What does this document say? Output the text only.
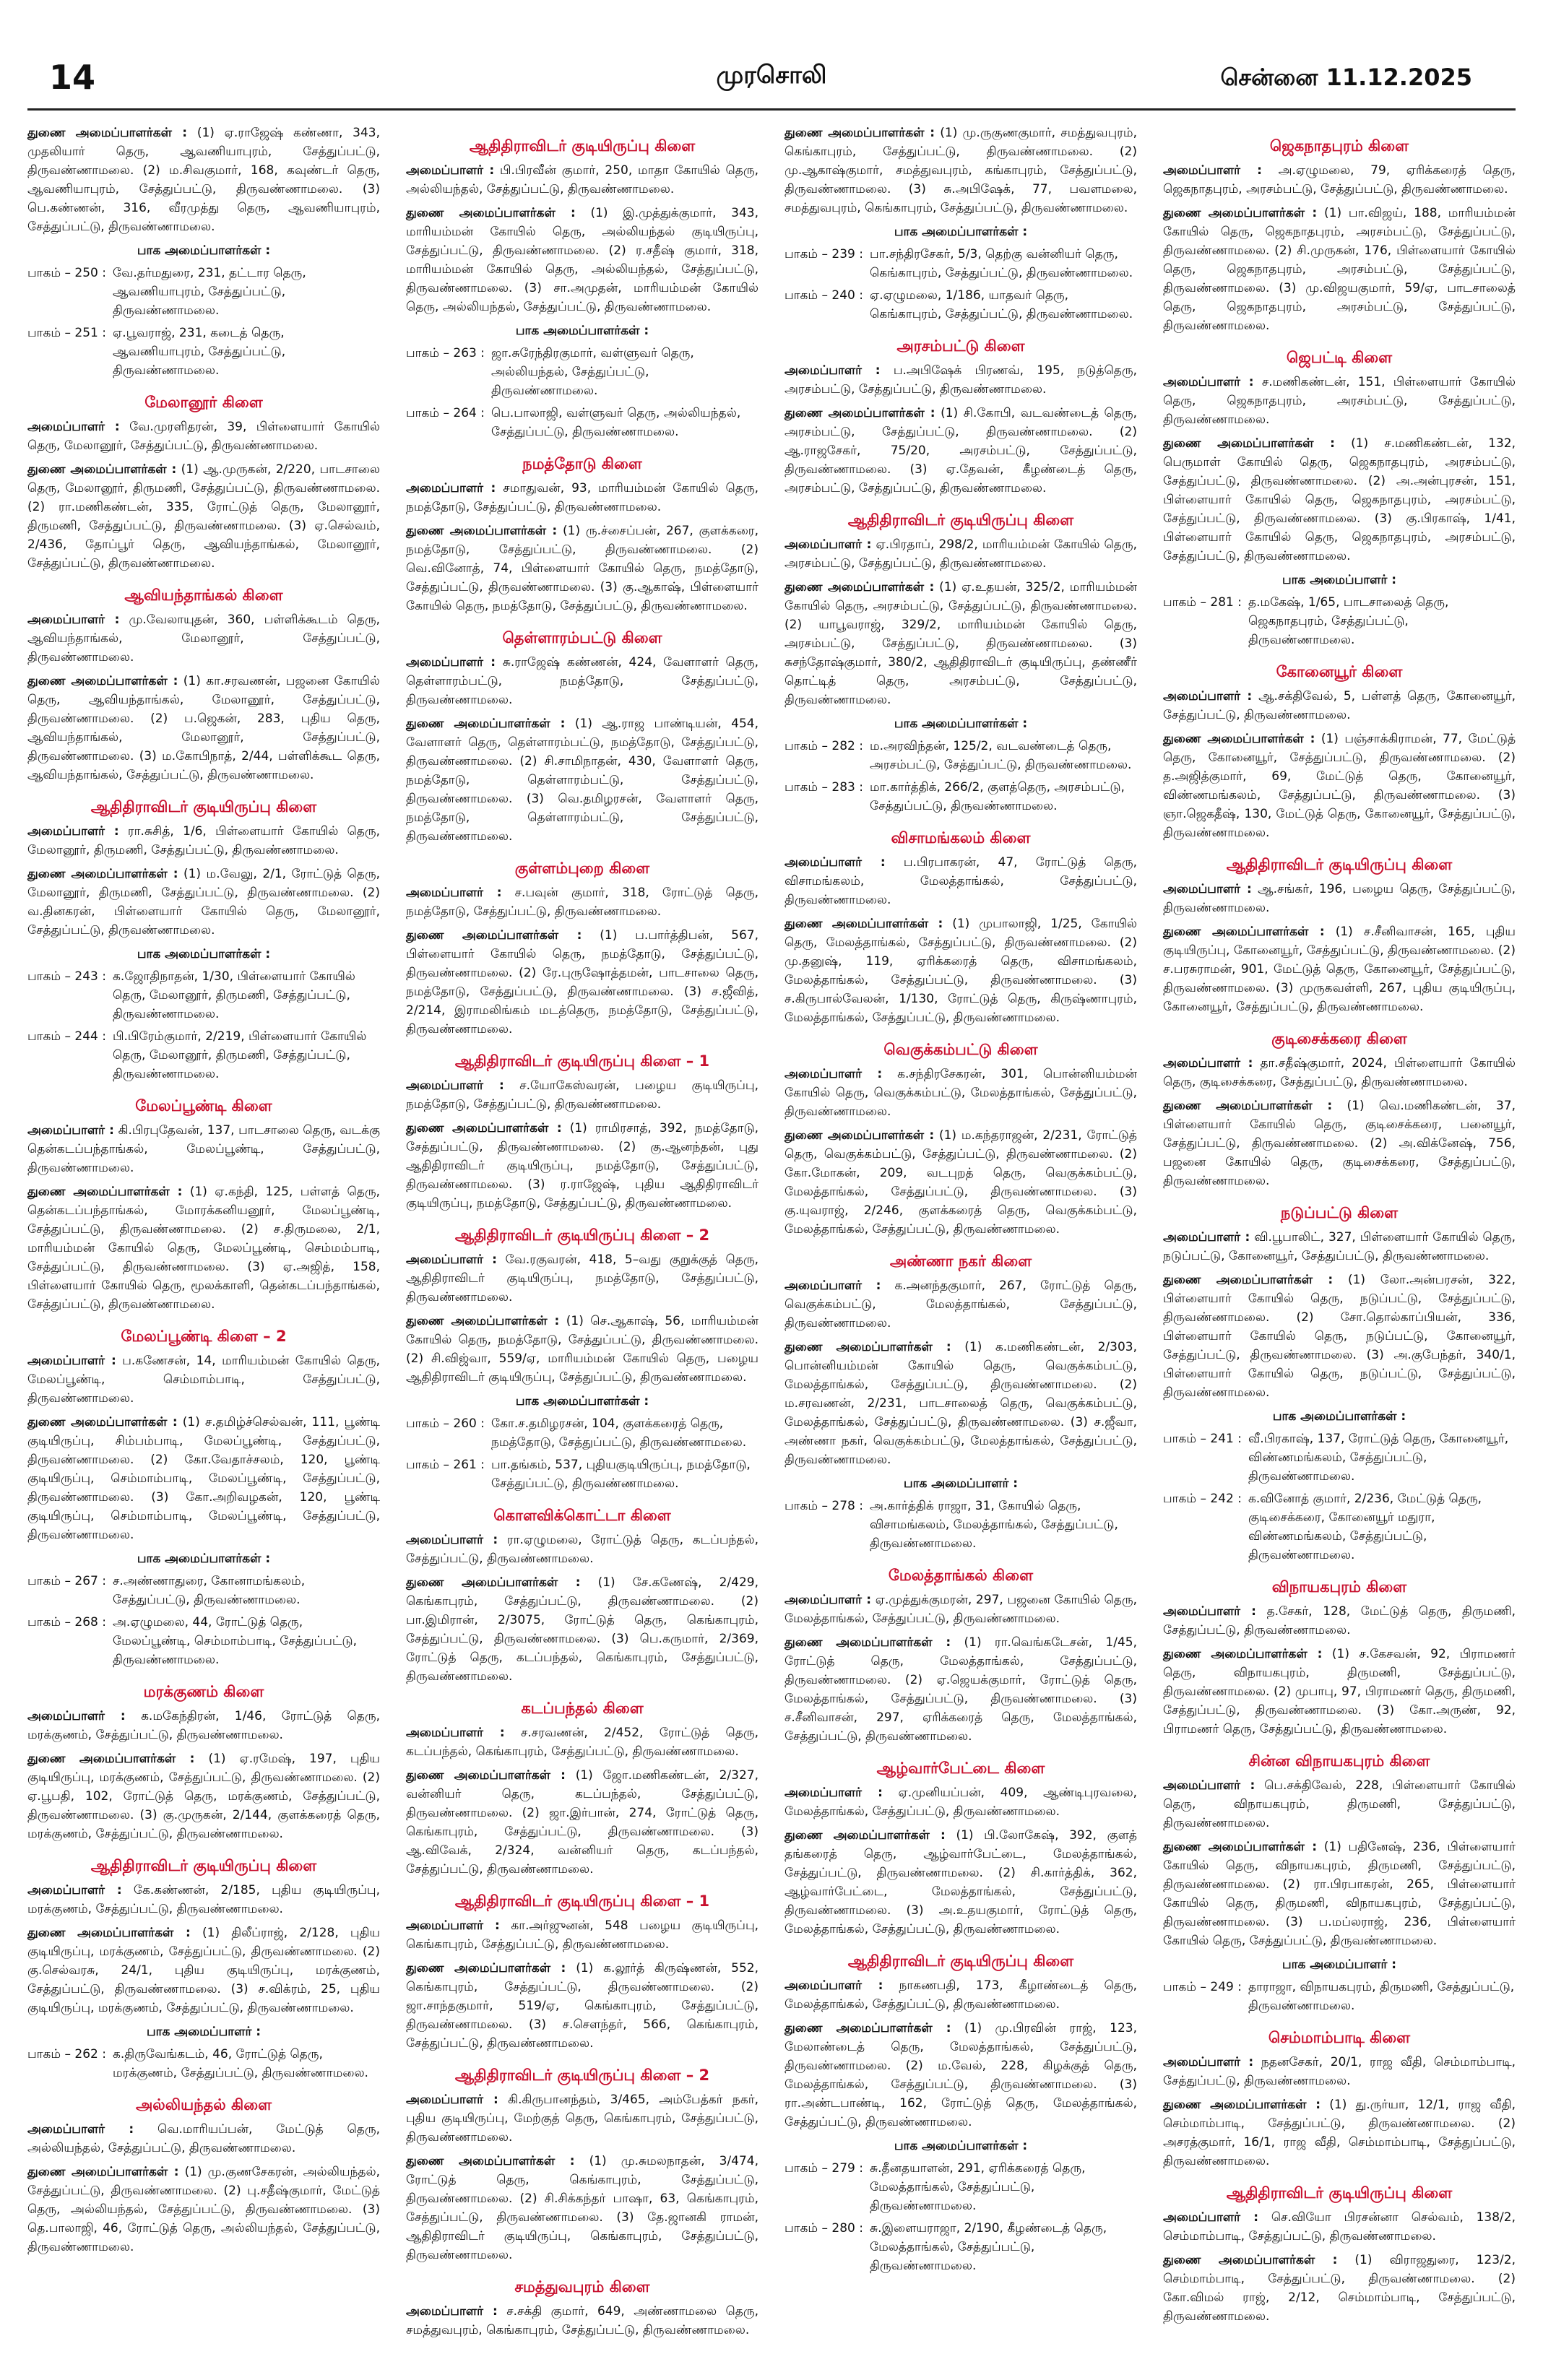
14	முரசொலி	சென்னை 11.12.2025
துணை அமைப்பாளர்கள் : (1) ஏ.ராஜேஷ் கண்ணா, 343, முதலியார் தெரு, ஆவணியாபுரம், சேத்துப்பட்டு, திருவண்ணாமலை. (2) ம.சிவகுமார், 168, கவுண்டர் தெரு, ஆவணியாபுரம், சேத்துப்பட்டு, திருவண்ணாமலை. (3) பெ.கண்ணன், 316, வீரமுத்து தெரு, ஆவணியாபுரம், சேத்துப்பட்டு, திருவண்ணாமலை.
பாக அமைப்பாளர்கள் :
பாகம் – 250 : வே.தர்மதுரை, 231, தட்டார தெரு, ஆவணியாபுரம், சேத்துப்பட்டு, திருவண்ணாமலை.
பாகம் – 251 : ஏ.பூவராஜ், 231, கடைத் தெரு, ஆவணியாபுரம், சேத்துப்பட்டு, திருவண்ணாமலை.
மேலானூர் கிளை
அமைப்பாளர் : வே.முரளிதரன், 39, பிள்ளையார் கோயில் தெரு, மேலானூர், சேத்துப்பட்டு, திருவண்ணாமலை.
துணை அமைப்பாளர்கள் : (1) ஆ.முருகன், 2/220, பாடசாலை தெரு, மேலானூர், திருமணி, சேத்துப்பட்டு, திருவண்ணாமலை. (2) ரா.மணிகண்டன், 335, ரோட்டுத் தெரு, மேலானூர், திருமணி, சேத்துப்பட்டு, திருவண்ணாமலை. (3) ஏ.செல்வம், 2/436, தோப்பூர் தெரு, ஆவியந்தாங்கல், மேலானூர், சேத்துப்பட்டு, திருவண்ணாமலை.
ஆவியந்தாங்கல் கிளை
அமைப்பாளர் : மு.வேலாயுதன், 360, பள்ளிக்கூடம் தெரு, ஆவியந்தாங்கல், மேலானூர், சேத்துப்பட்டு, திருவண்ணாமலை.
துணை அமைப்பாளர்கள் : (1) கா.சரவணன், பஜனை கோயில் தெரு, ஆவியந்தாங்கல், மேலானூர், சேத்துப்பட்டு, திருவண்ணாமலை. (2) ப.ஜெகன், 283, புதிய தெரு, ஆவியந்தாங்கல், மேலானூர், சேத்துப்பட்டு, திருவண்ணாமலை. (3) ம.கோபிநாத், 2/44, பள்ளிக்கூட தெரு, ஆவியந்தாங்கல், சேத்துப்பட்டு, திருவண்ணாமலை.
ஆதிதிராவிடர் குடியிருப்பு கிளை
அமைப்பாளர் : ரா.சுசித், 1/6, பிள்ளையார் கோயில் தெரு, மேலானூர், திருமணி, சேத்துப்பட்டு, திருவண்ணாமலை.
துணை அமைப்பாளர்கள் : (1) ம.வேலு, 2/1, ரோட்டுத் தெரு, மேலானூர், திருமணி, சேத்துப்பட்டு, திருவண்ணாமலை. (2) வ.தினகரன், பிள்ளையார் கோயில் தெரு, மேலானூர், சேத்துப்பட்டு, திருவண்ணாமலை.
பாக அமைப்பாளர்கள் :
பாகம் – 243 : க.ஜோதிநாதன், 1/30, பிள்ளையார் கோயில் தெரு, மேலானூர், திருமணி, சேத்துப்பட்டு, திருவண்ணாமலை.
பாகம் – 244 : பி.பிரேம்குமார், 2/219, பிள்ளையார் கோயில் தெரு, மேலானூர், திருமணி, சேத்துப்பட்டு, திருவண்ணாமலை.
மேலப்பூண்டி கிளை
அமைப்பாளர் : கி.பிரபுதேவன், 137, பாடசாலை தெரு, வடக்கு தென்கடப்பந்தாங்கல், மேலப்பூண்டி, சேத்துப்பட்டு, திருவண்ணாமலை.
துணை அமைப்பாளர்கள் : (1) ஏ.கந்தி, 125, பள்ளத் தெரு, தென்கடப்பந்தாங்கல், மோரக்கனியனூர், மேலப்பூண்டி, சேத்துப்பட்டு, திருவண்ணாமலை. (2) ச.திருமலை, 2/1, மாரியம்மன் கோயில் தெரு, மேலப்பூண்டி, செம்மம்பாடி, சேத்துப்பட்டு, திருவண்ணாமலை. (3) ஏ.அஜித், 158, பிள்ளையார் கோயில் தெரு, மூலக்காளி, தென்கடப்பந்தாங்கல், சேத்துப்பட்டு, திருவண்ணாமலை.
மேலப்பூண்டி கிளை – 2
அமைப்பாளர் : ப.கணேசன், 14, மாரியம்மன் கோயில் தெரு, மேலப்பூண்டி, செம்மாம்பாடி, சேத்துப்பட்டு, திருவண்ணாமலை.
துணை அமைப்பாளர்கள் : (1) ச.தமிழ்ச்செல்வன், 111, பூண்டி குடியிருப்பு, சிம்பம்பாடி, மேலப்பூண்டி, சேத்துப்பட்டு, திருவண்ணாமலை. (2) கோ.வேதாச்சலம், 120, பூண்டி குடியிருப்பு, செம்மாம்பாடி, மேலப்பூண்டி, சேத்துப்பட்டு, திருவண்ணாமலை. (3) கோ.அறிவழகன், 120, பூண்டி குடியிருப்பு, செம்மாம்பாடி, மேலப்பூண்டி, சேத்துப்பட்டு, திருவண்ணாமலை.
பாக அமைப்பாளர்கள் :
பாகம் – 267 : ச.அண்ணாதுரை, கோனாமங்கலம், சேத்துப்பட்டு, திருவண்ணாமலை.
பாகம் – 268 : அ.ஏழுமலை, 44, ரோட்டுத் தெரு, மேலப்பூண்டி, செம்மாம்பாடி, சேத்துப்பட்டு, திருவண்ணாமலை.
மரக்குணம் கிளை
அமைப்பாளர் : க.மகேந்திரன், 1/46, ரோட்டுத் தெரு, மரக்குணம், சேத்துப்பட்டு, திருவண்ணாமலை.
துணை அமைப்பாளர்கள் : (1) ஏ.ரமேஷ், 197, புதிய குடியிருப்பு, மரக்குணம், சேத்துப்பட்டு, திருவண்ணாமலை. (2) ஏ.பூபதி, 102, ரோட்டுத் தெரு, மரக்குணம், சேத்துப்பட்டு, திருவண்ணாமலை. (3) கு.முருகன், 2/144, குளக்கரைத் தெரு, மரக்குணம், சேத்துப்பட்டு, திருவண்ணாமலை.
ஆதிதிராவிடர் குடியிருப்பு கிளை
அமைப்பாளர் : கே.கண்ணன், 2/185, புதிய குடியிருப்பு, மரக்குணம், சேத்துப்பட்டு, திருவண்ணாமலை.
துணை அமைப்பாளர்கள் : (1) திலீப்ராஜ், 2/128, புதிய குடியிருப்பு, மரக்குணம், சேத்துப்பட்டு, திருவண்ணாமலை. (2) கு.செல்வரசு, 24/1, புதிய குடியிருப்பு, மரக்குணம், சேத்துப்பட்டு, திருவண்ணாமலை. (3) ச.விக்ரம், 25, புதிய குடியிருப்பு, மரக்குணம், சேத்துப்பட்டு, திருவண்ணாமலை.
பாக அமைப்பாளர் :
பாகம் – 262 : க.திருவேங்கடம், 46, ரோட்டுத் தெரு, மரக்குணம், சேத்துப்பட்டு, திருவண்ணாமலை.
அல்லியந்தல் கிளை
அமைப்பாளர் : வெ.மாரியப்பன், மேட்டுத் தெரு, அல்லியந்தல், சேத்துப்பட்டு, திருவண்ணாமலை.
துணை அமைப்பாளர்கள் : (1) மு.குணசேகரன், அல்லியந்தல், சேத்துப்பட்டு, திருவண்ணாமலை. (2) பு.சதீஷ்குமார், மேட்டுத் தெரு, அல்லியந்தல், சேத்துப்பட்டு, திருவண்ணாமலை. (3) தெ.பாலாஜி, 46, ரோட்டுத் தெரு, அல்லியந்தல், சேத்துப்பட்டு, திருவண்ணாமலை.
ஆதிதிராவிடர் குடியிருப்பு கிளை
அமைப்பாளர் : பி.பிரவீன் குமார், 250, மாதா கோயில் தெரு, அல்லியந்தல், சேத்துப்பட்டு, திருவண்ணாமலை.
துணை அமைப்பாளர்கள் : (1) இ.முத்துக்குமார், 343, மாரியம்மன் கோயில் தெரு, அல்லியந்தல் குடியிருப்பு, சேத்துப்பட்டு, திருவண்ணாமலை. (2) ர.சதீஷ் குமார், 318, மாரியம்மன் கோயில் தெரு, அல்லியந்தல், சேத்துப்பட்டு, திருவண்ணாமலை. (3) சா.அமுதன், மாரியம்மன் கோயில் தெரு, அல்லியந்தல், சேத்துப்பட்டு, திருவண்ணாமலை.
பாக அமைப்பாளர்கள் :
பாகம் – 263 : ஜா.சுரேந்திரகுமார், வள்ளுவர் தெரு, அல்லியந்தல், சேத்துப்பட்டு, திருவண்ணாமலை.
பாகம் – 264 : பெ.பாலாஜி, வள்ளுவர் தெரு, அல்லியந்தல், சேத்துப்பட்டு, திருவண்ணாமலை.
நமத்தோடு கிளை
அமைப்பாளர் : சமாதுவன், 93, மாரியம்மன் கோயில் தெரு, நமத்தோடு, சேத்துப்பட்டு, திருவண்ணாமலை.
துணை அமைப்பாளர்கள் : (1) ரு.ச்சைப்பன், 267, குளக்கரை, நமத்தோடு, சேத்துப்பட்டு, திருவண்ணாமலை. (2) வெ.வினோத், 74, பிள்ளையார் கோயில் தெரு, நமத்தோடு, சேத்துப்பட்டு, திருவண்ணாமலை. (3) கு.ஆகாஷ், பிள்ளையார் கோயில் தெரு, நமத்தோடு, சேத்துப்பட்டு, திருவண்ணாமலை.
தெள்ளாரம்பட்டு கிளை
அமைப்பாளர் : சு.ராஜேஷ் கண்ணன், 424, வேளாளர் தெரு, தெள்ளாரம்பட்டு, நமத்தோடு, சேத்துப்பட்டு, திருவண்ணாமலை.
துணை அமைப்பாளர்கள் : (1) ஆ.ராஜ பாண்டியன், 454, வேளாளர் தெரு, தெள்ளாரம்பட்டு, நமத்தோடு, சேத்துப்பட்டு, திருவண்ணாமலை. (2) சி.சாமிநாதன், 430, வேளாளர் தெரு, நமத்தோடு, தெள்ளாரம்பட்டு, சேத்துப்பட்டு, திருவண்ணாமலை. (3) வெ.தமிழரசன், வேளாளர் தெரு, நமத்தோடு, தெள்ளாரம்பட்டு, சேத்துப்பட்டு, திருவண்ணாமலை.
குள்ளம்புறை கிளை
அமைப்பாளர் : ச.பவுன் குமார், 318, ரோட்டுத் தெரு, நமத்தோடு, சேத்துப்பட்டு, திருவண்ணாமலை.
துணை அமைப்பாளர்கள் : (1) ப.பார்த்திபன், 567, பிள்ளையார் கோயில் தெரு, நமத்தோடு, சேத்துப்பட்டு, திருவண்ணாமலை. (2) ரே.புருஷோத்தமன், பாடசாலை தெரு, நமத்தோடு, சேத்துப்பட்டு, திருவண்ணாமலை. (3) ச.ஜீவித், 2/214, இராமலிங்கம் மடத்தெரு, நமத்தோடு, சேத்துப்பட்டு, திருவண்ணாமலை.
ஆதிதிராவிடர் குடியிருப்பு கிளை – 1
அமைப்பாளர் : ச.யோகேஸ்வரன், பழைய குடியிருப்பு, நமத்தோடு, சேத்துப்பட்டு, திருவண்ணாமலை.
துணை அமைப்பாளர்கள் : (1) ராமிரசாத், 392, நமத்தோடு, சேத்துப்பட்டு, திருவண்ணாமலை. (2) கு.ஆனந்தன், புது ஆதிதிராவிடர் குடியிருப்பு, நமத்தோடு, சேத்துப்பட்டு, திருவண்ணாமலை. (3) ர.ராஜேஷ், புதிய ஆதிதிராவிடர் குடியிருப்பு, நமத்தோடு, சேத்துப்பட்டு, திருவண்ணாமலை.
ஆதிதிராவிடர் குடியிருப்பு கிளை – 2
அமைப்பாளர் : வே.ரகுவரன், 418, 5–வது குறுக்குத் தெரு, ஆதிதிராவிடர் குடியிருப்பு, நமத்தோடு, சேத்துப்பட்டு, திருவண்ணாமலை.
துணை அமைப்பாளர்கள் : (1) செ.ஆகாஷ், 56, மாரியம்மன் கோயில் தெரு, நமத்தோடு, சேத்துப்பட்டு, திருவண்ணாமலை. (2) சி.விஜ்வா, 559/ஏ, மாரியம்மன் கோயில் தெரு, பழைய ஆதிதிராவிடர் குடியிருப்பு, சேத்துப்பட்டு, திருவண்ணாமலை.
பாக அமைப்பாளர்கள் :
பாகம் – 260 : கோ.ச.தமிழரசன், 104, குளக்கரைத் தெரு, நமத்தோடு, சேத்துப்பட்டு, திருவண்ணாமலை.
பாகம் – 261 : பா.தங்கம், 537, புதியகுடியிருப்பு, நமத்தோடு, சேத்துப்பட்டு, திருவண்ணாமலை.
கொளவிக்கொட்டா கிளை
அமைப்பாளர் : ரா.ஏழுமலை, ரோட்டுத் தெரு, கடப்பந்தல், சேத்துப்பட்டு, திருவண்ணாமலை.
துணை அமைப்பாளர்கள் : (1) சே.கணேஷ், 2/429, கெங்காபுரம், சேத்துப்பட்டு, திருவண்ணாமலை. (2) பா.இமிரான், 2/3075, ரோட்டுத் தெரு, கெங்காபுரம், சேத்துப்பட்டு, திருவண்ணாமலை. (3) பெ.கருமார், 2/369, ரோட்டுத் தெரு, கடப்பந்தல், கெங்காபுரம், சேத்துப்பட்டு, திருவண்ணாமலை.
கடப்பந்தல் கிளை
அமைப்பாளர் : ச.சரவணன், 2/452, ரோட்டுத் தெரு, கடப்பந்தல், கெங்காபுரம், சேத்துப்பட்டு, திருவண்ணாமலை.
துணை அமைப்பாளர்கள் : (1) ஜோ.மணிகண்டன், 2/327, வன்னியர் தெரு, கடப்பந்தல், சேத்துப்பட்டு, திருவண்ணாமலை. (2) ஜா.இர்பான், 274, ரோட்டுத் தெரு, கெங்காபுரம், சேத்துப்பட்டு, திருவண்ணாமலை. (3) ஆ.விவேக், 2/324, வன்னியர் தெரு, கடப்பந்தல், சேத்துப்பட்டு, திருவண்ணாமலை.
ஆதிதிராவிடர் குடியிருப்பு கிளை – 1
அமைப்பாளர் : கா.அர்ஜுனன், 548 பழைய குடியிருப்பு, கெங்காபுரம், சேத்துப்பட்டு, திருவண்ணாமலை.
துணை அமைப்பாளர்கள் : (1) க.லூர்த் கிருஷ்ணன், 552, கெங்காபுரம், சேத்துப்பட்டு, திருவண்ணாமலை. (2) ஜா.சாந்தகுமார், 519/ஏ, கெங்காபுரம், சேத்துப்பட்டு, திருவண்ணாமலை. (3) ச.சௌந்தர், 566, கெங்காபுரம், சேத்துப்பட்டு, திருவண்ணாமலை.
ஆதிதிராவிடர் குடியிருப்பு கிளை – 2
அமைப்பாளர் : கி.கிருபானந்தம், 3/465, அம்பேத்கர் நகர், புதிய குடியிருப்பு, மேற்குத் தெரு, கெங்காபுரம், சேத்துப்பட்டு, திருவண்ணாமலை.
துணை அமைப்பாளர்கள் : (1) மு.சுமலநாதன், 3/474, ரோட்டுத் தெரு, கெங்காபுரம், சேத்துப்பட்டு, திருவண்ணாமலை. (2) சி.சிக்கந்தர் பாஷா, 63, கெங்காபுரம், சேத்துப்பட்டு, திருவண்ணாமலை. (3) தே.ஜானகி ராமன், ஆதிதிராவிடர் குடியிருப்பு, கெங்காபுரம், சேத்துப்பட்டு, திருவண்ணாமலை.
சமத்துவபுரம் கிளை
அமைப்பாளர் : ச.சக்தி குமார், 649, அண்ணாமலை தெரு, சமத்துவபுரம், கெங்காபுரம், சேத்துப்பட்டு, திருவண்ணாமலை.
துணை அமைப்பாளர்கள் : (1) மு.ருகுணகுமார், சமத்துவபுரம், கெங்காபுரம், சேத்துப்பட்டு, திருவண்ணாமலை. (2) மு.ஆகாஷ்குமார், சமத்துவபுரம், கங்காபுரம், சேத்துப்பட்டு, திருவண்ணாமலை. (3) சு.அபிஷேக், 77, பவளமலை, சமத்துவபுரம், கெங்காபுரம், சேத்துப்பட்டு, திருவண்ணாமலை.
பாக அமைப்பாளர்கள் :
பாகம் – 239 : பா.சந்திரசேகர், 5/3, தெற்கு வன்னியர் தெரு, கெங்காபுரம், சேத்துப்பட்டு, திருவண்ணாமலை.
பாகம் – 240 : ஏ.ஏழுமலை, 1/186, யாதவர் தெரு, கெங்காபுரம், சேத்துப்பட்டு, திருவண்ணாமலை.
அரசம்பட்டு கிளை
அமைப்பாளர் : ப.அபிஷேக் பிரணவ், 195, நடுத்தெரு, அரசம்பட்டு, சேத்துப்பட்டு, திருவண்ணாமலை.
துணை அமைப்பாளர்கள் : (1) சி.கோபி, வடவண்டைத் தெரு, அரசம்பட்டு, சேத்துப்பட்டு, திருவண்ணாமலை. (2) ஆ.ராஜசேகர், 75/20, அரசம்பட்டு, சேத்துப்பட்டு, திருவண்ணாமலை. (3) ஏ.தேவன், கீழண்டைத் தெரு, அரசம்பட்டு, சேத்துப்பட்டு, திருவண்ணாமலை.
ஆதிதிராவிடர் குடியிருப்பு கிளை
அமைப்பாளர் : ஏ.பிரதாப், 298/2, மாரியம்மன் கோயில் தெரு, அரசம்பட்டு, சேத்துப்பட்டு, திருவண்ணாமலை.
துணை அமைப்பாளர்கள் : (1) ஏ.உதயன், 325/2, மாரியம்மன் கோயில் தெரு, அரசம்பட்டு, சேத்துப்பட்டு, திருவண்ணாமலை. (2) யாபூவராஜ், 329/2, மாரியம்மன் கோயில் தெரு, அரசம்பட்டு, சேத்துப்பட்டு, திருவண்ணாமலை. (3) சுசந்தோஷ்குமார், 380/2, ஆதிதிராவிடர் குடியிருப்பு, தண்ணீர் தொட்டித் தெரு, அரசம்பட்டு, சேத்துப்பட்டு, திருவண்ணாமலை.
பாக அமைப்பாளர்கள் :
பாகம் – 282 : ம.அரவிந்தன், 125/2, வடவண்டைத் தெரு, அரசம்பட்டு, சேத்துப்பட்டு, திருவண்ணாமலை.
பாகம் – 283 : மா.கார்த்திக், 266/2, குளத்தெரு, அரசம்பட்டு, சேத்துப்பட்டு, திருவண்ணாமலை.
விசாமங்கலம் கிளை
அமைப்பாளர் : ப.பிரபாகரன், 47, ரோட்டுத் தெரு, விசாமங்கலம், மேலத்தாங்கல், சேத்துப்பட்டு, திருவண்ணாமலை.
துணை அமைப்பாளர்கள் : (1) முபாலாஜி, 1/25, கோயில் தெரு, மேலத்தாங்கல், சேத்துப்பட்டு, திருவண்ணாமலை. (2) மு.தனுஷ், 119, ஏரிக்கரைத் தெரு, விசாமங்கலம், மேலத்தாங்கல், சேத்துப்பட்டு, திருவண்ணாமலை. (3) ச.கிருபால்வேலன், 1/130, ரோட்டுத் தெரு, கிருஷ்ணாபுரம், மேலத்தாங்கல், சேத்துப்பட்டு, திருவண்ணாமலை.
வெகுக்கம்பட்டு கிளை
அமைப்பாளர் : க.சந்திரசேகரன், 301, பொன்னியம்மன் கோயில் தெரு, வெகுக்கம்பட்டு, மேலத்தாங்கல், சேத்துப்பட்டு, திருவண்ணாமலை.
துணை அமைப்பாளர்கள் : (1) ம.கந்தராஜன், 2/231, ரோட்டுத் தெரு, வெகுக்கம்பட்டு, சேத்துப்பட்டு, திருவண்ணாமலை. (2) கோ.மோகன், 209, வடபுறத் தெரு, வெகுக்கம்பட்டு, மேலத்தாங்கல், சேத்துப்பட்டு, திருவண்ணாமலை. (3) கு.யுவராஜ், 2/246, குளக்கரைத் தெரு, வெகுக்கம்பட்டு, மேலத்தாங்கல், சேத்துப்பட்டு, திருவண்ணாமலை.
அண்ணா நகர் கிளை
அமைப்பாளர் : க.அனந்தகுமார், 267, ரோட்டுத் தெரு, வெகுக்கம்பட்டு, மேலத்தாங்கல், சேத்துப்பட்டு, திருவண்ணாமலை.
துணை அமைப்பாளர்கள் : (1) க.மணிகண்டன், 2/303, பொன்னியம்மன் கோயில் தெரு, வெகுக்கம்பட்டு, மேலத்தாங்கல், சேத்துப்பட்டு, திருவண்ணாமலை. (2) ம.சரவணன், 2/231, பாடசாலைத் தெரு, வெகுக்கம்பட்டு, மேலத்தாங்கல், சேத்துப்பட்டு, திருவண்ணாமலை. (3) ச.ஜீவா, அண்ணா நகர், வெகுக்கம்பட்டு, மேலத்தாங்கல், சேத்துப்பட்டு, திருவண்ணாமலை.
பாக அமைப்பாளர் :
பாகம் – 278 : அ.கார்த்திக் ராஜா, 31, கோயில் தெரு, விசாமங்கலம், மேலத்தாங்கல், சேத்துப்பட்டு, திருவண்ணாமலை.
மேலத்தாங்கல் கிளை
அமைப்பாளர் : ஏ.முத்துக்குமரன், 297, பஜனை கோயில் தெரு, மேலத்தாங்கல், சேத்துப்பட்டு, திருவண்ணாமலை.
துணை அமைப்பாளர்கள் : (1) ரா.வெங்கடேசன், 1/45, ரோட்டுத் தெரு, மேலத்தாங்கல், சேத்துப்பட்டு, திருவண்ணாமலை. (2) ஏ.ஜெயக்குமார், ரோட்டுத் தெரு, மேலத்தாங்கல், சேத்துப்பட்டு, திருவண்ணாமலை. (3) ச.சீனிவாசன், 297, ஏரிக்கரைத் தெரு, மேலத்தாங்கல், சேத்துப்பட்டு, திருவண்ணாமலை.
ஆழ்வார்பேட்டை கிளை
அமைப்பாளர் : ஏ.முனியப்பன், 409, ஆண்டிபுரவலை, மேலத்தாங்கல், சேத்துப்பட்டு, திருவண்ணாமலை.
துணை அமைப்பாளர்கள் : (1) பி.லோகேஷ், 392, குளத் தங்கரைத் தெரு, ஆழ்வார்பேட்டை, மேலத்தாங்கல், சேத்துப்பட்டு, திருவண்ணாமலை. (2) சி.கார்த்திக், 362, ஆழ்வார்பேட்டை, மேலத்தாங்கல், சேத்துப்பட்டு, திருவண்ணாமலை. (3) அ.உதயகுமார், ரோட்டுத் தெரு, மேலத்தாங்கல், சேத்துப்பட்டு, திருவண்ணாமலை.
ஆதிதிராவிடர் குடியிருப்பு கிளை
அமைப்பாளர் : நாகணபதி, 173, கீழாண்டைத் தெரு, மேலத்தாங்கல், சேத்துப்பட்டு, திருவண்ணாமலை.
துணை அமைப்பாளர்கள் : (1) மு.பிரவின் ராஜ், 123, மேலாண்டைத் தெரு, மேலத்தாங்கல், சேத்துப்பட்டு, திருவண்ணாமலை. (2) ம.வேல், 228, கிழக்குத் தெரு, மேலத்தாங்கல், சேத்துப்பட்டு, திருவண்ணாமலை. (3) ரா.அண்டபாண்டி, 162, ரோட்டுத் தெரு, மேலத்தாங்கல், சேத்துப்பட்டு, திருவண்ணாமலை.
பாக அமைப்பாளர்கள் :
பாகம் – 279 : சு.தீனதயாளன், 291, ஏரிக்கரைத் தெரு, மேலத்தாங்கல், சேத்துப்பட்டு, திருவண்ணாமலை.
பாகம் – 280 : சு.இளையராஜா, 2/190, கீழண்டைத் தெரு, மேலத்தாங்கல், சேத்துப்பட்டு, திருவண்ணாமலை.
ஜெகநாதபுரம் கிளை
அமைப்பாளர் : அ.ஏழுமலை, 79, ஏரிக்கரைத் தெரு, ஜெகநாதபுரம், அரசம்பட்டு, சேத்துப்பட்டு, திருவண்ணாமலை.
துணை அமைப்பாளர்கள் : (1) பா.விஜய், 188, மாரியம்மன் கோயில் தெரு, ஜெகநாதபுரம், அரசம்பட்டு, சேத்துப்பட்டு, திருவண்ணாமலை. (2) சி.முருகன், 176, பிள்ளையார் கோயில் தெரு, ஜெகநாதபுரம், அரசம்பட்டு, சேத்துப்பட்டு, திருவண்ணாமலை. (3) மு.விஜயகுமார், 59/ஏ, பாடசாலைத் தெரு, ஜெகநாதபுரம், அரசம்பட்டு, சேத்துப்பட்டு, திருவண்ணாமலை.
ஜெபட்டி கிளை
அமைப்பாளர் : ச.மணிகண்டன், 151, பிள்ளையார் கோயில் தெரு, ஜெகநாதபுரம், அரசம்பட்டு, சேத்துப்பட்டு, திருவண்ணாமலை.
துணை அமைப்பாளர்கள் : (1) ச.மணிகண்டன், 132, பெருமாள் கோயில் தெரு, ஜெகநாதபுரம், அரசம்பட்டு, சேத்துப்பட்டு, திருவண்ணாமலை. (2) அ.அன்புரசன், 151, பிள்ளையார் கோயில் தெரு, ஜெகநாதபுரம், அரசம்பட்டு, சேத்துப்பட்டு, திருவண்ணாமலை. (3) கு.பிரகாஷ், 1/41, பிள்ளையார் கோயில் தெரு, ஜெகநாதபுரம், அரசம்பட்டு, சேத்துப்பட்டு, திருவண்ணாமலை.
பாக அமைப்பாளர் :
பாகம் – 281 : த.மகேஷ், 1/65, பாடசாலைத் தெரு, ஜெகநாதபுரம், சேத்துப்பட்டு, திருவண்ணாமலை.
கோனையூர் கிளை
அமைப்பாளர் : ஆ.சக்திவேல், 5, பள்ளத் தெரு, கோனையூர், சேத்துப்பட்டு, திருவண்ணாமலை.
துணை அமைப்பாளர்கள் : (1) பஞ்சாக்கிராமன், 77, மேட்டுத் தெரு, கோனையூர், சேத்துப்பட்டு, திருவண்ணாமலை. (2) த.அஜித்குமார், 69, மேட்டுத் தெரு, கோனையூர், விண்ணமங்கலம், சேத்துப்பட்டு, திருவண்ணாமலை. (3) ஞா.ஜெகதீஷ், 130, மேட்டுத் தெரு, கோனையூர், சேத்துப்பட்டு, திருவண்ணாமலை.
ஆதிதிராவிடர் குடியிருப்பு கிளை
அமைப்பாளர் : ஆ.சங்கர், 196, பழைய தெரு, சேத்துப்பட்டு, திருவண்ணாமலை.
துணை அமைப்பாளர்கள் : (1) ச.சீனிவாசன், 165, புதிய குடியிருப்பு, கோனையூர், சேத்துப்பட்டு, திருவண்ணாமலை. (2) ச.பரசுராமன், 901, மேட்டுத் தெரு, கோனையூர், சேத்துப்பட்டு, திருவண்ணாமலை. (3) முருகவள்ளி, 267, புதிய குடியிருப்பு, கோனையூர், சேத்துப்பட்டு, திருவண்ணாமலை.
குடிசைக்கரை கிளை
அமைப்பாளர் : தா.சதீஷ்குமார், 2024, பிள்ளையார் கோயில் தெரு, குடிசைக்கரை, சேத்துப்பட்டு, திருவண்ணாமலை.
துணை அமைப்பாளர்கள் : (1) வெ.மணிகண்டன், 37, பிள்ளையார் கோயில் தெரு, குடிசைக்கரை, பனையூர், சேத்துப்பட்டு, திருவண்ணாமலை. (2) அ.விக்னேஷ், 756, பஜனை கோயில் தெரு, குடிசைக்கரை, சேத்துப்பட்டு, திருவண்ணாமலை.
நடுப்பட்டு கிளை
அமைப்பாளர் : வி.பூபாலிட், 327, பிள்ளையார் கோயில் தெரு, நடுப்பட்டு, கோனையூர், சேத்துப்பட்டு, திருவண்ணாமலை.
துணை அமைப்பாளர்கள் : (1) லோ.அன்பரசன், 322, பிள்ளையார் கோயில் தெரு, நடுப்பட்டு, சேத்துப்பட்டு, திருவண்ணாமலை. (2) சோ.தொல்காப்பியன், 336, பிள்ளையார் கோயில் தெரு, நடுப்பட்டு, கோனையூர், சேத்துப்பட்டு, திருவண்ணாமலை. (3) அ.குபேந்தர், 340/1, பிள்ளையார் கோயில் தெரு, நடுப்பட்டு, சேத்துப்பட்டு, திருவண்ணாமலை.
பாக அமைப்பாளர்கள் :
பாகம் – 241 : வீ.பிரகாஷ், 137, ரோட்டுத் தெரு, கோனையூர், விண்ணமங்கலம், சேத்துப்பட்டு, திருவண்ணாமலை.
பாகம் – 242 : க.வினோத் குமார், 2/236, மேட்டுத் தெரு, குடிசைக்கரை, கோனையூர் மதுரா, விண்ணமங்கலம், சேத்துப்பட்டு, திருவண்ணாமலை.
விநாயகபுரம் கிளை
அமைப்பாளர் : த.சேகர், 128, மேட்டுத் தெரு, திருமணி, சேத்துப்பட்டு, திருவண்ணாமலை.
துணை அமைப்பாளர்கள் : (1) ச.கேசவன், 92, பிராமணர் தெரு, விநாயகபுரம், திருமணி, சேத்துப்பட்டு, திருவண்ணாமலை. (2) முபாபு, 97, பிராமணர் தெரு, திருமணி, சேத்துப்பட்டு, திருவண்ணாமலை. (3) கோ.அருண், 92, பிராமணர் தெரு, சேத்துப்பட்டு, திருவண்ணாமலை.
சின்ன விநாயகபுரம் கிளை
அமைப்பாளர் : பெ.சக்திவேல், 228, பிள்ளையார் கோயில் தெரு, விநாயகபுரம், திருமணி, சேத்துப்பட்டு, திருவண்ணாமலை.
துணை அமைப்பாளர்கள் : (1) பதினேஷ், 236, பிள்ளையார் கோயில் தெரு, விநாயகபுரம், திருமணி, சேத்துப்பட்டு, திருவண்ணாமலை. (2) ரா.பிரபாகரன், 265, பிள்ளையார் கோயில் தெரு, திருமணி, விநாயகபுரம், சேத்துப்பட்டு, திருவண்ணாமலை. (3) ப.மப்லராஜ், 236, பிள்ளையார் கோயில் தெரு, சேத்துப்பட்டு, திருவண்ணாமலை.
பாக அமைப்பாளர் :
பாகம் – 249 : தாராஜா, விநாயகபுரம், திருமணி, சேத்துப்பட்டு, திருவண்ணாமலை.
செம்மாம்பாடி கிளை
அமைப்பாளர் : நதனசேகர், 20/1, ராஜ வீதி, செம்மாம்பாடி, சேத்துப்பட்டு, திருவண்ணாமலை.
துணை அமைப்பாளர்கள் : (1) து.ருர்யா, 12/1, ராஜ வீதி, செம்மாம்பாடி, சேத்துப்பட்டு, திருவண்ணாமலை. (2) அசரத்குமார், 16/1, ராஜ வீதி, செம்மாம்பாடி, சேத்துப்பட்டு, திருவண்ணாமலை.
ஆதிதிராவிடர் குடியிருப்பு கிளை
அமைப்பாளர் : செ.வியோ பிரசன்னா செல்வம், 138/2, செம்மாம்பாடி, சேத்துப்பட்டு, திருவண்ணாமலை.
துணை அமைப்பாளர்கள் : (1) விராஜதுரை, 123/2, செம்மாம்பாடி, சேத்துப்பட்டு, திருவண்ணாமலை. (2) கோ.விமல் ராஜ், 2/12, செம்மாம்பாடி, சேத்துப்பட்டு, திருவண்ணாமலை.
